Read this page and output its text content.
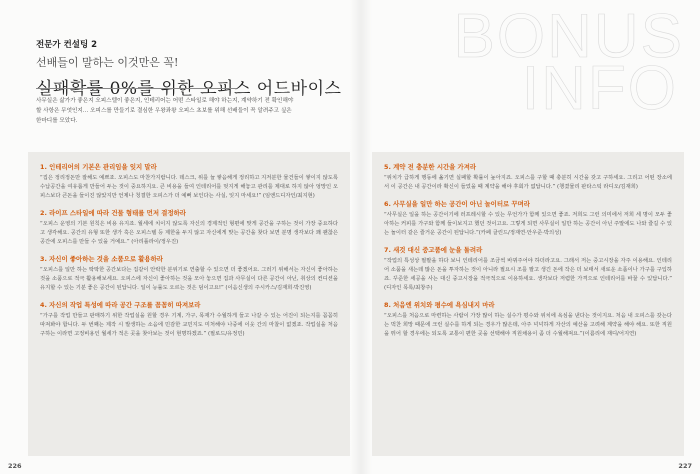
BONUS
INFO
전문가 컨설팅 2
선배들이 말하는 이것만은 꼭!
실패확률 0%를 위한 오피스 어드바이스
사무실은 삶가가 좋은지 오피스텔이 좋은지, 인테리어는 어떤 스타일로 해야 하는지, 계약하기 전 확인해야 할 사항은 무엇인지… 오피스를 만들기로 결심한 우왕좌왕 오피스 초보를 위해 선배들이 꼭 알려주고 싶은 한마디를 모았다.
1. 인테리어의 기본은 관리임을 잊지 말라
“집은 정리정돈만 잘해도 예쁘죠. 오피스도 마찬가지랍니다. 데스크, 위를 늘 쌓음해게 정리하고 지저분한 물건들이 쌓이지 않도록 수납공간을 여유롭게 만들어 두는 것이 중요하지요. 큰 비용을 들여 인테리어를 멋지게 해놓고 관리를 제대로 하지 않아 엉망인 오피스보다 큰돈을 들이진 않았지만 언제나 청결한 오피스가 더 예뻐 보인다는 사실, 잊지 마세요!” (임앤드디자인/최지현)
2. 라이프 스타일에 따라 건물 형태를 먼저 결정하라
“오피스 운영의 기본 원칙은 비용 유지죠. 월세에 치이지 않도록 자신의 경제적인 형편에 맞게 공간을 구하는 것이 가장 중요하다고 생각해요. 공간의 유형 또한 생가 혹은 오피스텔 등 제한을 두지 않고 자신에게 맞는 공간을 찾다 보면 분명 생각보다 꽤 괜찮은 공간에 오피스를 만들 수 있을 거예요.” (아리플라이/정우진)
3. 자신이 좋아하는 것을 소품으로 활용하라
“오피스를 일만 하는 딱딱한 공간보다는 집같이 안락한 분위기로 연출할 수 있으면 더 좋겠어요. 그러기 위해서는 자신이 좋아하는 것을 소품으로 적극 활용해보세요. 오피스에 자신이 좋아하는 것을 모아 놓으면 집과 사무실이 다른 공간이 아닌, 취상의 컨디션을 유지할 수 있는 기분 좋은 공간이 된답니다. 일이 능률도 오르는 것은 덤이고요!” (이음신생의 주시카스/김재희·박진영)
4. 자신의 작업 특성에 따라 공간 구조를 꼼꼼히 따져보라
“가구를 작업 만들고 판매하기 위한 작업실을 원할 경우 기계, 가구, 목재가 수월하게 들고 나갈 수 있는 어진이 되는지를 꼼꼼히 따져봐야 합니다. 두 번째는 제작 시 발생하는 소음에 민감한 교민지도 미처해야 나중에 이웃 간의 마찰이 없겠죠. 작업실을 처음 구하는 이라면 고정비용인 월세가 적은 곳을 찾아보는 것이 현명하겠죠.” (필로드/유정민)
5. 계약 전 충분한 시간을 가져라
“위치가 급하게 행동에 옮기면 실패할 확률이 높아지죠. 오피스를 구할 때 충분히 시간을 갖고 구하세요. 그리고 어떤 장소에서 이 공간은 내 공간이라 확신이 들었을 때 계약을 해야 후회가 없답니다.” (챙겼물리 판타스틱 라디오/김재희)
6. 사무실을 일만 하는 공간이 아닌 놀이터로 꾸며라
“사무실은 일을 하는 공간이기에 러프레시할 수 있는 무언가가 함께 있으면 좋죠. 저희도 그런 의미에서 저희 세 명이 모두 좋아하는 커피를 가구와 함께 들이보지고 했던 것이고요. 그렇게 되면 사무실이 일만 하는 공간이 아닌 주말에도 나와 즐길 수 있는 놀이터 같은 즐거운 공간이 된답니다.”(카페 클린드/정재연·안우준·박의성)
7. 새것 대신 중고품에 눈을 돌려라
“작업의 특성상 필팔을 하다 보니 인테리어를 조금씩 바꿔주어야 하더라고요. 그래서 저는 중고시장을 자주 이용해요. 인테리어 소품을 새는데 많은 돈을 투자하는 것이 아니라 필요시 조를 팔고 생긴 돈에 작은 더 보태서 새로운 소품이나 가구를 구입하죠. 꾸준한 세공을 사는 대신 중고시장을 적극적으로 이용하세요. 생각보다 저렴한 가격으로 인테리어를 바꿀 수 있답니다.” (디자인 목록/최창주)
8. 처음엔 위치와 평수에 욕심내지 마라
“오피스를 처음으로 마련하는 사람이 가장 많이 하는 실수가 평수와 위치에 욕심을 낸다는 것이지요. 처음 내 오피스를 갖는다는 벅찬 희망 때문에 크런 실수를 하게 되는 경우가 많은데, 아주 넉넉하게 자산의 예산을 고려해 계약을 해야 해요. 또한 직원을 뛰어 할 경우에는 되도록 교통이 편한 곳을 선택해야 직원채용이 좀 더 수월해져요.”(이름리에 재디/어지연)
226	227
